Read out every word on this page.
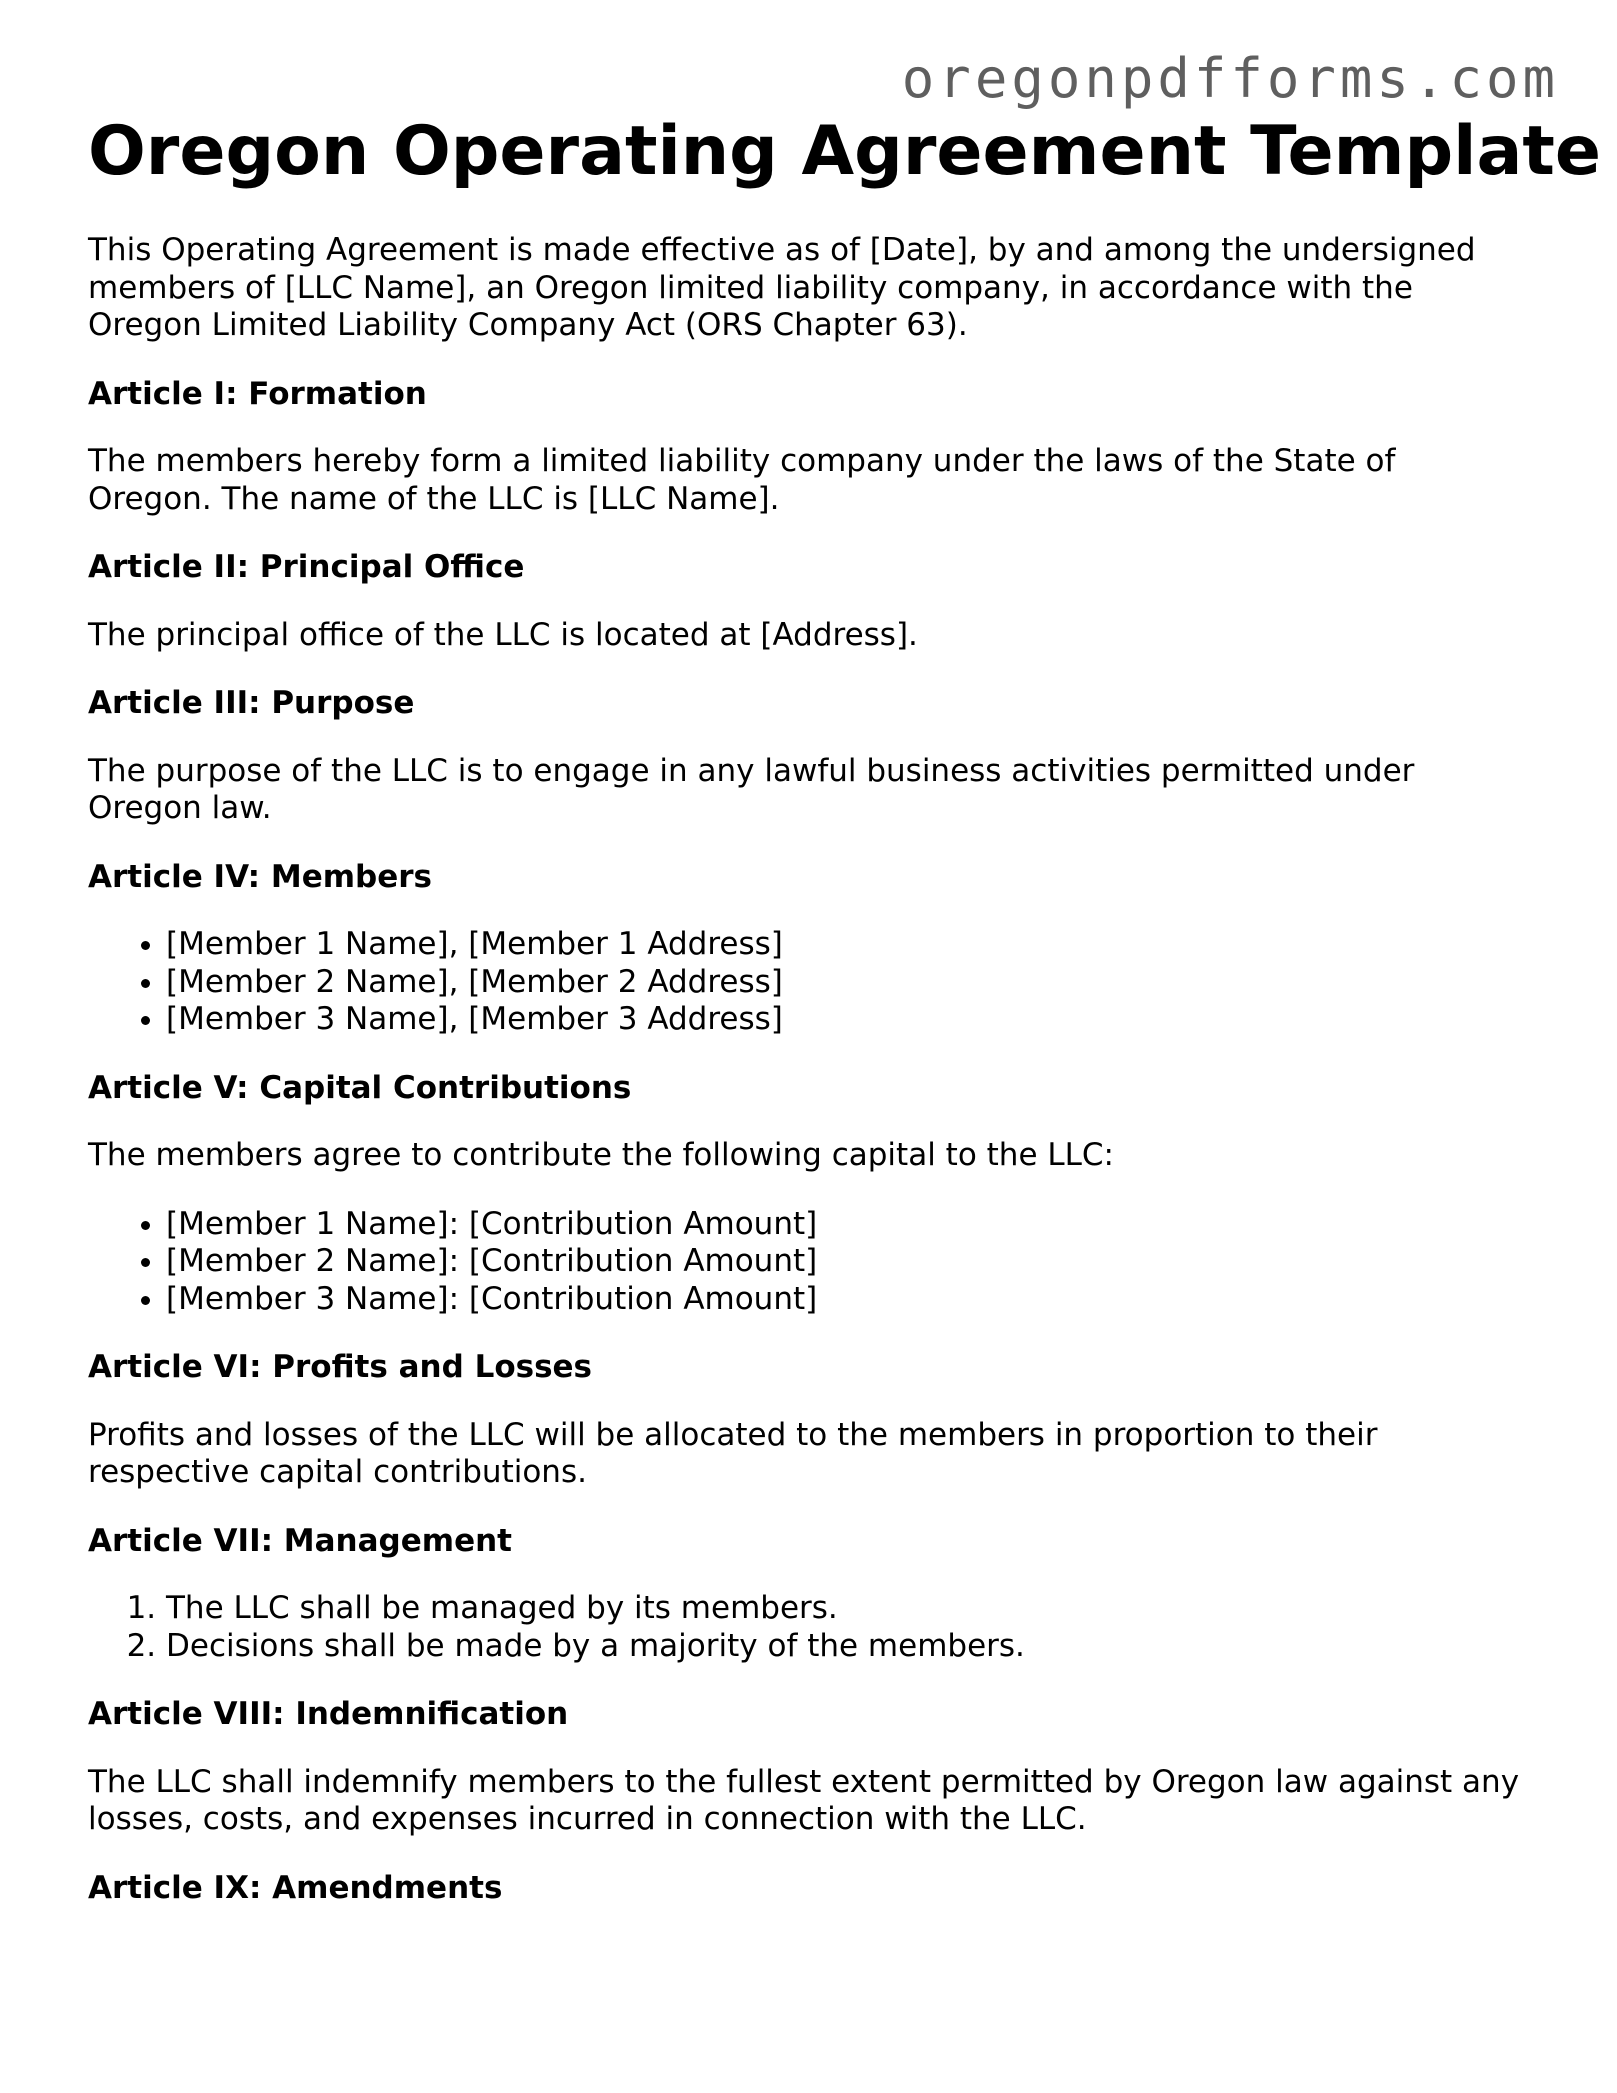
oregonpdfforms.com
Oregon Operating Agreement Template

This Operating Agreement is made effective as of [Date], by and among the undersigned members of [LLC Name], an Oregon limited liability company, in accordance with the Oregon Limited Liability Company Act (ORS Chapter 63).

Article I: Formation

The members hereby form a limited liability company under the laws of the State of Oregon. The name of the LLC is [LLC Name].

Article II: Principal Office

The principal office of the LLC is located at [Address].

Article III: Purpose

The purpose of the LLC is to engage in any lawful business activities permitted under Oregon law.

Article IV: Members
• [Member 1 Name], [Member 1 Address]
• [Member 2 Name], [Member 2 Address]
• [Member 3 Name], [Member 3 Address]
Article V: Capital Contributions

The members agree to contribute the following capital to the LLC:

• [Member 1 Name]: [Contribution Amount]
• [Member 2 Name]: [Contribution Amount]
• [Member 3 Name]: [Contribution Amount]
Article VI: Profits and Losses

Profits and losses of the LLC will be allocated to the members in proportion to their respective capital contributions.

Article VII: Management
1. The LLC shall be managed by its members.
2. Decisions shall be made by a majority of the members.
Article VIII: Indemnification

The LLC shall indemnify members to the fullest extent permitted by Oregon law against any losses, costs, and expenses incurred in connection with the LLC.

Article IX: Amendments
